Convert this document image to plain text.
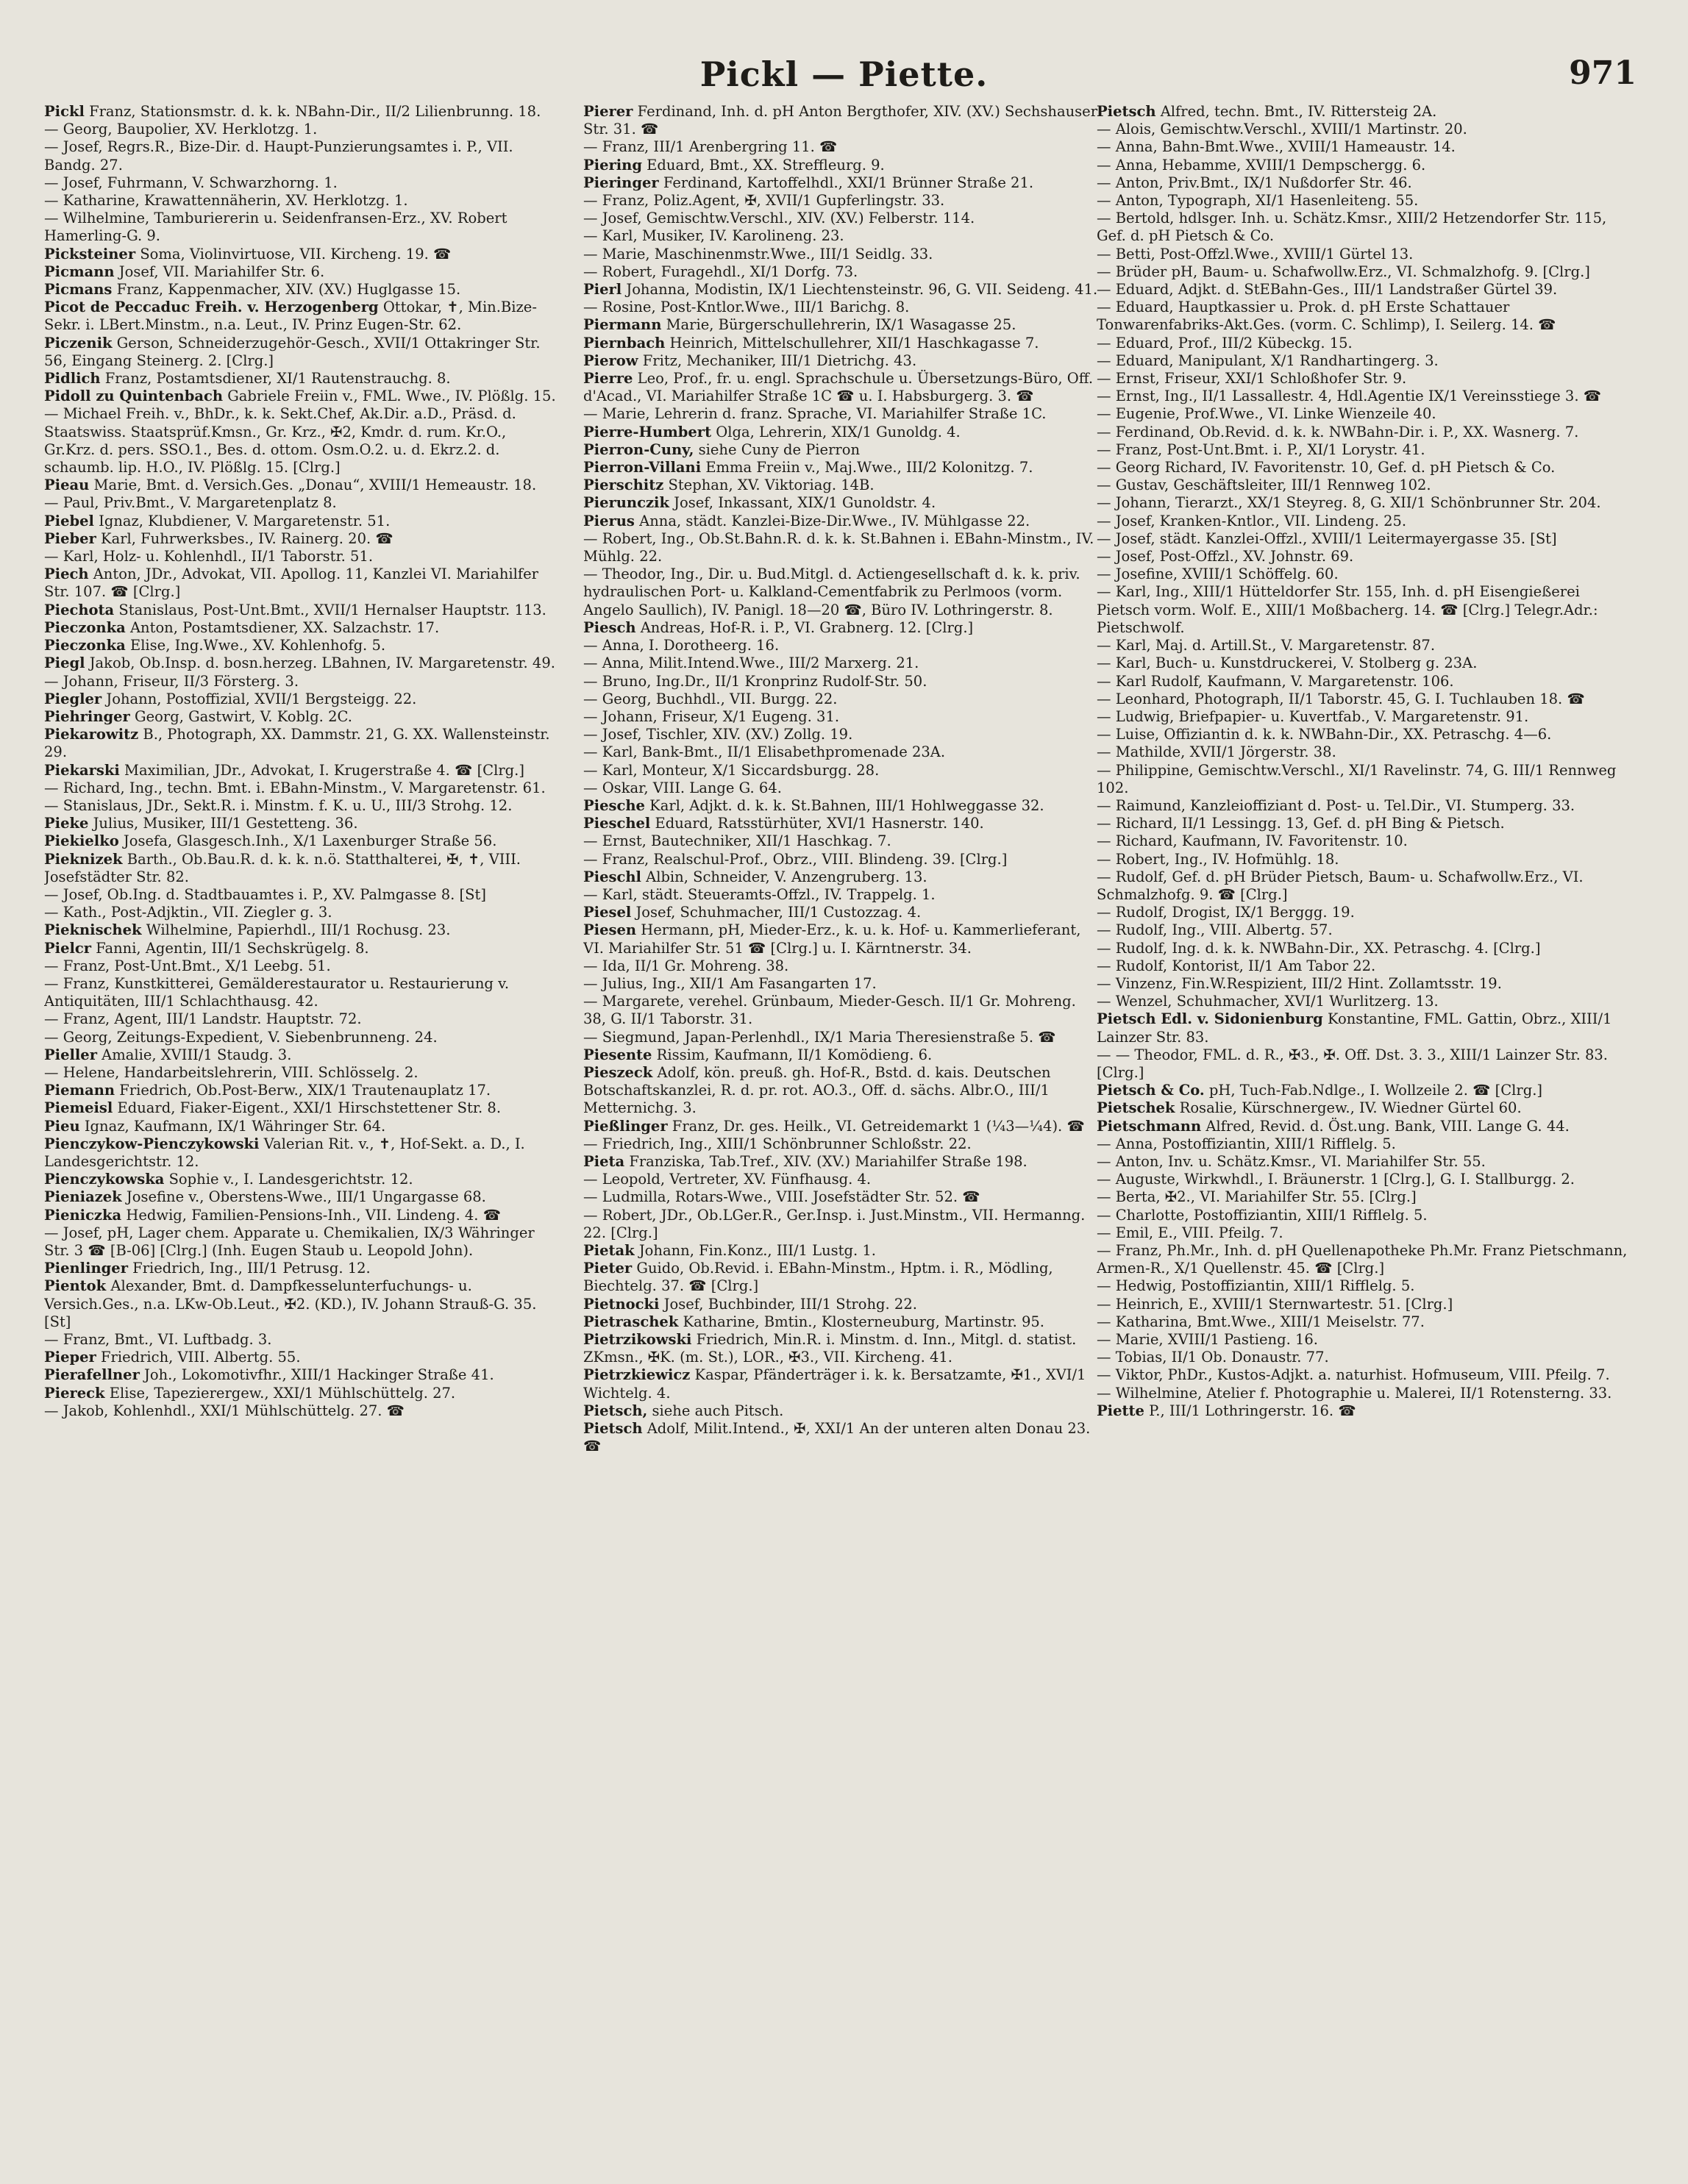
Pickl — Piette.	971

Pickl Franz, Stationsmstr. d. k. k. NBahn-Dir., II/2 Lilienbrunng. 18.

— Georg, Baupolier, XV. Herklotzg. 1.

— Josef, Regrs.R., Bize-Dir. d. Haupt-Punzierungsamtes i. P., VII. Bandg. 27.

— Josef, Fuhrmann, V. Schwarzhorng. 1.

— Katharine, Krawattennäherin, XV. Herklotzg. 1.

— Wilhelmine, Tamburiererin u. Seidenfransen-Erz., XV. Robert Hamerling-G. 9.

Picksteiner Soma, Violinvirtuose, VII. Kircheng. 19. ☎

Picmann Josef, VII. Mariahilfer Str. 6.

Picmans Franz, Kappenmacher, XIV. (XV.) Huglgasse 15.

Picot de Peccaduc Freih. v. Herzogenberg Ottokar, ✝, Min.Bize-Sekr. i. LBert.Minstm., n.a. Leut., IV. Prinz Eugen-Str. 62.

Piczenik Gerson, Schneiderzugehör-Gesch., XVII/1 Ottakringer Str. 56, Eingang Steinerg. 2. [Clrg.]

Pidlich Franz, Postamtsdiener, XI/1 Rautenstrauchg. 8.

Pidoll zu Quintenbach Gabriele Freiin v., FML. Wwe., IV. Plößlg. 15.

— Michael Freih. v., BhDr., k. k. Sekt.Chef, Ak.Dir. a.D., Präsd. d. Staatswiss. Staatsprüf.Kmsn., Gr. Krz., ✠2, Kmdr. d. rum. Kr.O., Gr.Krz. d. pers. SSO.1., Bes. d. ottom. Osm.O.2. u. d. Ekrz.2. d. schaumb. lip. H.O., IV. Plößlg. 15. [Clrg.]

Pieau Marie, Bmt. d. Versich.Ges. „Donau“, XVIII/1 Hemeaustr. 18.

— Paul, Priv.Bmt., V. Margaretenplatz 8.

Piebel Ignaz, Klubdiener, V. Margaretenstr. 51.

Pieber Karl, Fuhrwerksbes., IV. Rainerg. 20. ☎

— Karl, Holz- u. Kohlenhdl., II/1 Taborstr. 51.

Piech Anton, JDr., Advokat, VII. Apollog. 11, Kanzlei VI. Mariahilfer Str. 107. ☎ [Clrg.]

Piechota Stanislaus, Post-Unt.Bmt., XVII/1 Hernalser Hauptstr. 113.

Pieczonka Anton, Postamtsdiener, XX. Salzachstr. 17.

Pieczonka Elise, Ing.Wwe., XV. Kohlenhofg. 5.

Piegl Jakob, Ob.Insp. d. bosn.herzeg. LBahnen, IV. Margaretenstr. 49.

— Johann, Friseur, II/3 Försterg. 3.

Piegler Johann, Postoffizial, XVII/1 Bergsteigg. 22.

Piehringer Georg, Gastwirt, V. Koblg. 2C.

Piekarowitz B., Photograph, XX. Dammstr. 21, G. XX. Wallensteinstr. 29.

Piekarski Maximilian, JDr., Advokat, I. Krugerstraße 4. ☎ [Clrg.]

— Richard, Ing., techn. Bmt. i. EBahn-Minstm., V. Margaretenstr. 61.

— Stanislaus, JDr., Sekt.R. i. Minstm. f. K. u. U., III/3 Strohg. 12.

Pieke Julius, Musiker, III/1 Gestetteng. 36.

Piekielko Josefa, Glasgesch.Inh., X/1 Laxenburger Straße 56.

Pieknizek Barth., Ob.Bau.R. d. k. k. n.ö. Statthalterei, ✠, ✝, VIII. Josefstädter Str. 82.

— Josef, Ob.Ing. d. Stadtbauamtes i. P., XV. Palmgasse 8. [St]

— Kath., Post-Adjktin., VII. Ziegler g. 3.

Pieknischek Wilhelmine, Papierhdl., III/1 Rochusg. 23.

Pielcr Fanni, Agentin, III/1 Sechskrügelg. 8.

— Franz, Post-Unt.Bmt., X/1 Leebg. 51.

— Franz, Kunstkitterei, Gemälderestaurator u. Restaurierung v. Antiquitäten, III/1 Schlachthausg. 42.

— Franz, Agent, III/1 Landstr. Hauptstr. 72.

— Georg, Zeitungs-Expedient, V. Siebenbrunneng. 24.

Pieller Amalie, XVIII/1 Staudg. 3.

— Helene, Handarbeitslehrerin, VIII. Schlösselg. 2.

Piemann Friedrich, Ob.Post-Berw., XIX/1 Trautenauplatz 17.

Piemeisl Eduard, Fiaker-Eigent., XXI/1 Hirschstettener Str. 8.

Pieu Ignaz, Kaufmann, IX/1 Währinger Str. 64.

Pienczykow-Pienczykowski Valerian Rit. v., ✝, Hof-Sekt. a. D., I. Landesgerichtstr. 12.

Pienczykowska Sophie v., I. Landesgerichtstr. 12.

Pieniazek Josefine v., Oberstens-Wwe., III/1 Ungargasse 68.

Pieniczka Hedwig, Familien-Pensions-Inh., VII. Lindeng. 4. ☎

— Josef, pH, Lager chem. Apparate u. Chemikalien, IX/3 Währinger Str. 3 ☎ [B-06] [Clrg.] (Inh. Eugen Staub u. Leopold John).

Pienlinger Friedrich, Ing., III/1 Petrusg. 12.

Pientok Alexander, Bmt. d. Dampfkesselunterfuchungs- u. Versich.Ges., n.a. LKw-Ob.Leut., ✠2. (KD.), IV. Johann Strauß-G. 35. [St]

— Franz, Bmt., VI. Luftbadg. 3.

Pieper Friedrich, VIII. Albertg. 55.

Pierafellner Joh., Lokomotivfhr., XIII/1 Hackinger Straße 41.

Piereck Elise, Tapezierergew., XXI/1 Mühlschüttelg. 27.

— Jakob, Kohlenhdl., XXI/1 Mühlschüttelg. 27. ☎

Pierer Ferdinand, Inh. d. pH Anton Bergthofer, XIV. (XV.) Sechshauser Str. 31. ☎

— Franz, III/1 Arenbergring 11. ☎

Piering Eduard, Bmt., XX. Streffleurg. 9.

Pieringer Ferdinand, Kartoffelhdl., XXI/1 Brünner Straße 21.

— Franz, Poliz.Agent, ✠, XVII/1 Gupferlingstr. 33.

— Josef, Gemischtw.Verschl., XIV. (XV.) Felberstr. 114.

— Karl, Musiker, IV. Karolineng. 23.

— Marie, Maschinenmstr.Wwe., III/1 Seidlg. 33.

— Robert, Furagehdl., XI/1 Dorfg. 73.

Pierl Johanna, Modistin, IX/1 Liechtensteinstr. 96, G. VII. Seideng. 41.

— Rosine, Post-Kntlor.Wwe., III/1 Barichg. 8.

Piermann Marie, Bürgerschullehrerin, IX/1 Wasagasse 25.

Piernbach Heinrich, Mittelschullehrer, XII/1 Haschkagasse 7.

Pierow Fritz, Mechaniker, III/1 Dietrichg. 43.

Pierre Leo, Prof., fr. u. engl. Sprachschule u. Übersetzungs-Büro, Off. d'Acad., VI. Mariahilfer Straße 1C ☎ u. I. Habsburgerg. 3. ☎

— Marie, Lehrerin d. franz. Sprache, VI. Mariahilfer Straße 1C.

Pierre-Humbert Olga, Lehrerin, XIX/1 Gunoldg. 4.

Pierron-Cuny, siehe Cuny de Pierron

Pierron-Villani Emma Freiin v., Maj.Wwe., III/2 Kolonitzg. 7.

Pierschitz Stephan, XV. Viktoriag. 14B.

Pierunczik Josef, Inkassant, XIX/1 Gunoldstr. 4.

Pierus Anna, städt. Kanzlei-Bize-Dir.Wwe., IV. Mühlgasse 22.

— Robert, Ing., Ob.St.Bahn.R. d. k. k. St.Bahnen i. EBahn-Minstm., IV. Mühlg. 22.

— Theodor, Ing., Dir. u. Bud.Mitgl. d. Actiengesellschaft d. k. k. priv. hydraulischen Port- u. Kalkland-Cementfabrik zu Perlmoos (vorm. Angelo Saullich), IV. Panigl. 18—20 ☎, Büro IV. Lothringerstr. 8.

Piesch Andreas, Hof-R. i. P., VI. Grabnerg. 12. [Clrg.]

— Anna, I. Dorotheerg. 16.

— Anna, Milit.Intend.Wwe., III/2 Marxerg. 21.

— Bruno, Ing.Dr., II/1 Kronprinz Rudolf-Str. 50.

— Georg, Buchhdl., VII. Burgg. 22.

— Johann, Friseur, X/1 Eugeng. 31.

— Josef, Tischler, XIV. (XV.) Zollg. 19.

— Karl, Bank-Bmt., II/1 Elisabethpromenade 23A.

— Karl, Monteur, X/1 Siccardsburgg. 28.

— Oskar, VIII. Lange G. 64.

Piesche Karl, Adjkt. d. k. k. St.Bahnen, III/1 Hohlweggasse 32.

Pieschel Eduard, Ratsstürhüter, XVI/1 Hasnerstr. 140.

— Ernst, Bautechniker, XII/1 Haschkag. 7.

— Franz, Realschul-Prof., Obrz., VIII. Blindeng. 39. [Clrg.]

Pieschl Albin, Schneider, V. Anzengruberg. 13.

— Karl, städt. Steueramts-Offzl., IV. Trappelg. 1.

Piesel Josef, Schuhmacher, III/1 Custozzag. 4.

Piesen Hermann, pH, Mieder-Erz., k. u. k. Hof- u. Kammerlieferant, VI. Mariahilfer Str. 51 ☎ [Clrg.] u. I. Kärntnerstr. 34.

— Ida, II/1 Gr. Mohreng. 38.

— Julius, Ing., XII/1 Am Fasangarten 17.

— Margarete, verehel. Grünbaum, Mieder-Gesch. II/1 Gr. Mohreng. 38, G. II/1 Taborstr. 31.

— Siegmund, Japan-Perlenhdl., IX/1 Maria Theresienstraße 5. ☎

Piesente Rissim, Kaufmann, II/1 Komödieng. 6.

Pieszeck Adolf, kön. preuß. gh. Hof-R., Bstd. d. kais. Deutschen Botschaftskanzlei, R. d. pr. rot. AO.3., Off. d. sächs. Albr.O., III/1 Metternichg. 3.

Pießlinger Franz, Dr. ges. Heilk., VI. Getreidemarkt 1 (¼3—¼4). ☎

— Friedrich, Ing., XIII/1 Schönbrunner Schloßstr. 22.

Pieta Franziska, Tab.Tref., XIV. (XV.) Mariahilfer Straße 198.

— Leopold, Vertreter, XV. Fünfhausg. 4.

— Ludmilla, Rotars-Wwe., VIII. Josefstädter Str. 52. ☎

— Robert, JDr., Ob.LGer.R., Ger.Insp. i. Just.Minstm., VII. Hermanng. 22. [Clrg.]

Pietak Johann, Fin.Konz., III/1 Lustg. 1.

Pieter Guido, Ob.Revid. i. EBahn-Minstm., Hptm. i. R., Mödling, Biechtelg. 37. ☎ [Clrg.]

Pietnocki Josef, Buchbinder, III/1 Strohg. 22.

Pietraschek Katharine, Bmtin., Klosterneuburg, Martinstr. 95.

Pietrzikowski Friedrich, Min.R. i. Minstm. d. Inn., Mitgl. d. statist. ZKmsn., ✠K. (m. St.), LOR., ✠3., VII. Kircheng. 41.

Pietrzkiewicz Kaspar, Pfänderträger i. k. k. Bersatzamte, ✠1., XVI/1 Wichtelg. 4.

Pietsch, siehe auch Pitsch.

Pietsch Adolf, Milit.Intend., ✠, XXI/1 An der unteren alten Donau 23. ☎

Pietsch Alfred, techn. Bmt., IV. Rittersteig 2A.

— Alois, Gemischtw.Verschl., XVIII/1 Martinstr. 20.

— Anna, Bahn-Bmt.Wwe., XVIII/1 Hameaustr. 14.

— Anna, Hebamme, XVIII/1 Dempschergg. 6.

— Anton, Priv.Bmt., IX/1 Nußdorfer Str. 46.

— Anton, Typograph, XI/1 Hasenleiteng. 55.

— Bertold, hdlsger. Inh. u. Schätz.Kmsr., XIII/2 Hetzendorfer Str. 115, Gef. d. pH Pietsch & Co.

— Betti, Post-Offzl.Wwe., XVIII/1 Gürtel 13.

— Brüder pH, Baum- u. Schafwollw.Erz., VI. Schmalzhofg. 9. [Clrg.]

— Eduard, Adjkt. d. StEBahn-Ges., III/1 Landstraßer Gürtel 39.

— Eduard, Hauptkassier u. Prok. d. pH Erste Schattauer Tonwarenfabriks-Akt.Ges. (vorm. C. Schlimp), I. Seilerg. 14. ☎

— Eduard, Prof., III/2 Kübeckg. 15.

— Eduard, Manipulant, X/1 Randhartingerg. 3.

— Ernst, Friseur, XXI/1 Schloßhofer Str. 9.

— Ernst, Ing., II/1 Lassallestr. 4, Hdl.Agentie IX/1 Vereinsstiege 3. ☎

— Eugenie, Prof.Wwe., VI. Linke Wienzeile 40.

— Ferdinand, Ob.Revid. d. k. k. NWBahn-Dir. i. P., XX. Wasnerg. 7.

— Franz, Post-Unt.Bmt. i. P., XI/1 Lorystr. 41.

— Georg Richard, IV. Favoritenstr. 10, Gef. d. pH Pietsch & Co.

— Gustav, Geschäftsleiter, III/1 Rennweg 102.

— Johann, Tierarzt., XX/1 Steyreg. 8, G. XII/1 Schönbrunner Str. 204.

— Josef, Kranken-Kntlor., VII. Lindeng. 25.

— Josef, städt. Kanzlei-Offzl., XVIII/1 Leitermayergasse 35. [St]

— Josef, Post-Offzl., XV. Johnstr. 69.

— Josefine, XVIII/1 Schöffelg. 60.

— Karl, Ing., XIII/1 Hütteldorfer Str. 155, Inh. d. pH Eisengießerei Pietsch vorm. Wolf. E., XIII/1 Moßbacherg. 14. ☎ [Clrg.] Telegr.Adr.: Pietschwolf.

— Karl, Maj. d. Artill.St., V. Margaretenstr. 87.

— Karl, Buch- u. Kunstdruckerei, V. Stolberg g. 23A.

— Karl Rudolf, Kaufmann, V. Margaretenstr. 106.

— Leonhard, Photograph, II/1 Taborstr. 45, G. I. Tuchlauben 18. ☎

— Ludwig, Briefpapier- u. Kuvertfab., V. Margaretenstr. 91.

— Luise, Offiziantin d. k. k. NWBahn-Dir., XX. Petraschg. 4—6.

— Mathilde, XVII/1 Jörgerstr. 38.

— Philippine, Gemischtw.Verschl., XI/1 Ravelinstr. 74, G. III/1 Rennweg 102.

— Raimund, Kanzleioffiziant d. Post- u. Tel.Dir., VI. Stumperg. 33.

— Richard, II/1 Lessingg. 13, Gef. d. pH Bing & Pietsch.

— Richard, Kaufmann, IV. Favoritenstr. 10.

— Robert, Ing., IV. Hofmühlg. 18.

— Rudolf, Gef. d. pH Brüder Pietsch, Baum- u. Schafwollw.Erz., VI. Schmalzhofg. 9. ☎ [Clrg.]

— Rudolf, Drogist, IX/1 Berggg. 19.

— Rudolf, Ing., VIII. Albertg. 57.

— Rudolf, Ing. d. k. k. NWBahn-Dir., XX. Petraschg. 4. [Clrg.]

— Rudolf, Kontorist, II/1 Am Tabor 22.

— Vinzenz, Fin.W.Respizient, III/2 Hint. Zollamtsstr. 19.

— Wenzel, Schuhmacher, XVI/1 Wurlitzerg. 13.

Pietsch Edl. v. Sidonienburg Konstantine, FML. Gattin, Obrz., XIII/1 Lainzer Str. 83.

— — Theodor, FML. d. R., ✠3., ✠. Off. Dst. 3. 3., XIII/1 Lainzer Str. 83. [Clrg.]

Pietsch & Co. pH, Tuch-Fab.Ndlge., I. Wollzeile 2. ☎ [Clrg.]

Pietschek Rosalie, Kürschnergew., IV. Wiedner Gürtel 60.

Pietschmann Alfred, Revid. d. Öst.ung. Bank, VIII. Lange G. 44.

— Anna, Postoffiziantin, XIII/1 Rifflelg. 5.

— Anton, Inv. u. Schätz.Kmsr., VI. Mariahilfer Str. 55.

— Auguste, Wirkwhdl., I. Bräunerstr. 1 [Clrg.], G. I. Stallburgg. 2.

— Berta, ✠2., VI. Mariahilfer Str. 55. [Clrg.]

— Charlotte, Postoffiziantin, XIII/1 Rifflelg. 5.

— Emil, E., VIII. Pfeilg. 7.

— Franz, Ph.Mr., Inh. d. pH Quellenapotheke Ph.Mr. Franz Pietschmann, Armen-R., X/1 Quellenstr. 45. ☎ [Clrg.]

— Hedwig, Postoffiziantin, XIII/1 Rifflelg. 5.

— Heinrich, E., XVIII/1 Sternwartestr. 51. [Clrg.]

— Katharina, Bmt.Wwe., XIII/1 Meiselstr. 77.

— Marie, XVIII/1 Pastieng. 16.

— Tobias, II/1 Ob. Donaustr. 77.

— Viktor, PhDr., Kustos-Adjkt. a. naturhist. Hofmuseum, VIII. Pfeilg. 7.

— Wilhelmine, Atelier f. Photographie u. Malerei, II/1 Rotensterng. 33.

Piette P., III/1 Lothringerstr. 16. ☎
